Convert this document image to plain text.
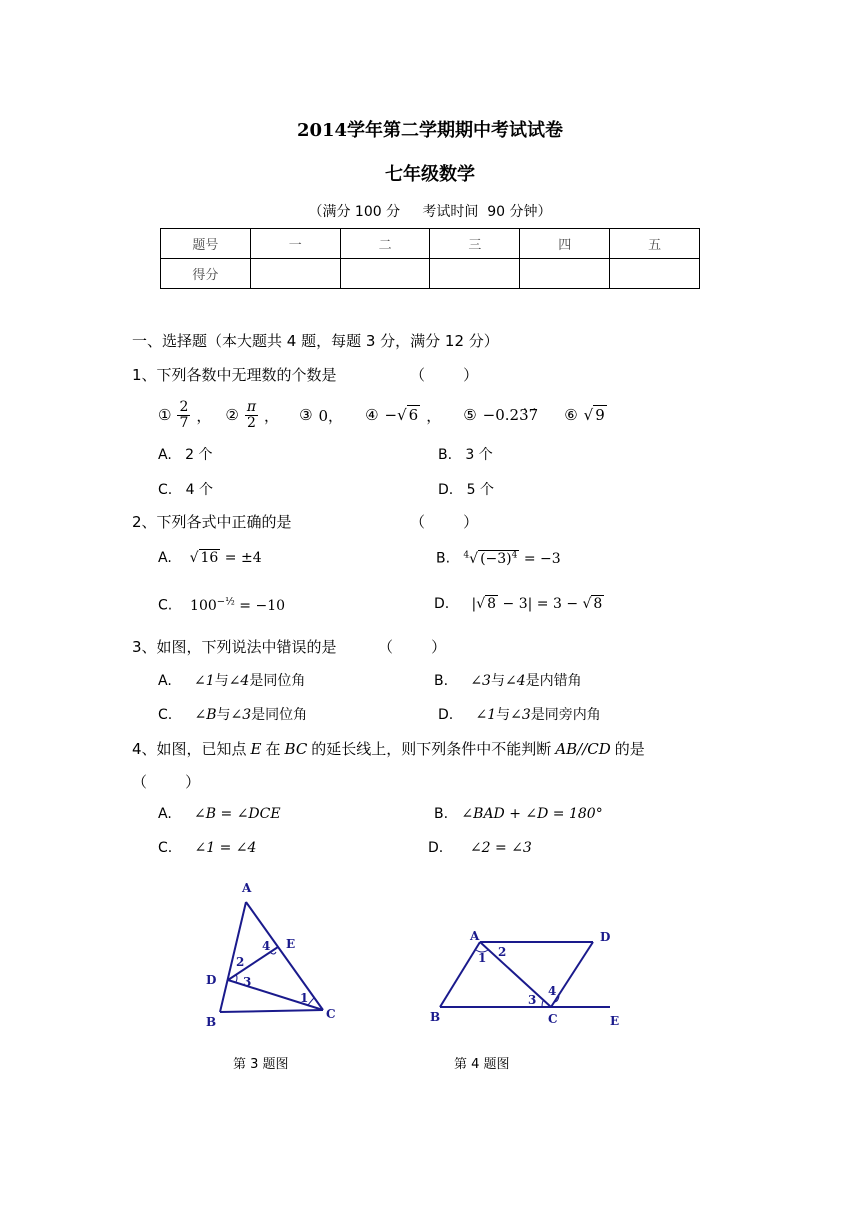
2014学年第二学期期中考试试卷
七年级数学
（满分 100 分     考试时间  90 分钟）
题号	一	二	三	四	五
得分					
一、选择题（本大题共 4 题，每题 3 分，满分 12 分）
1、下列各数中无理数的个数是	（        ）
① $\frac{2}{7}$ ， ② $\frac{\pi}{2}$ ， ③ 0， ④ −√ 6 ， ⑤ −0.23̇7̇ ⑥ √ 9
A. 2 个	B. 3 个
C. 4 个	D. 5 个
2、下列各式中正确的是	（        ）
A. √ 16 = ±4	B. $^4$√ $(-3)^4 = -3$
C. $100^{-\frac{1}{2}} = -10$	D. |√ 8 − 3| = 3 − √ 8
3、如图，下列说法中错误的是	（        ）
A. ∠1与∠4是同位角	B. ∠3与∠4是内错角
C. ∠B与∠3是同位角	D. ∠1与∠3是同旁内角
4、如图，已知点 E 在 BC 的延长线上，则下列条件中不能判断 AB//CD 的是
（        ）
A. ∠B = ∠DCE	B. ∠BAD + ∠D = 180°
C. ∠1 = ∠4	D. ∠2 = ∠3
A
B
C
D
E
1
2
3
4
第 3 题图
A
B	C
D
E
1 2
3
4
第 4 题图
